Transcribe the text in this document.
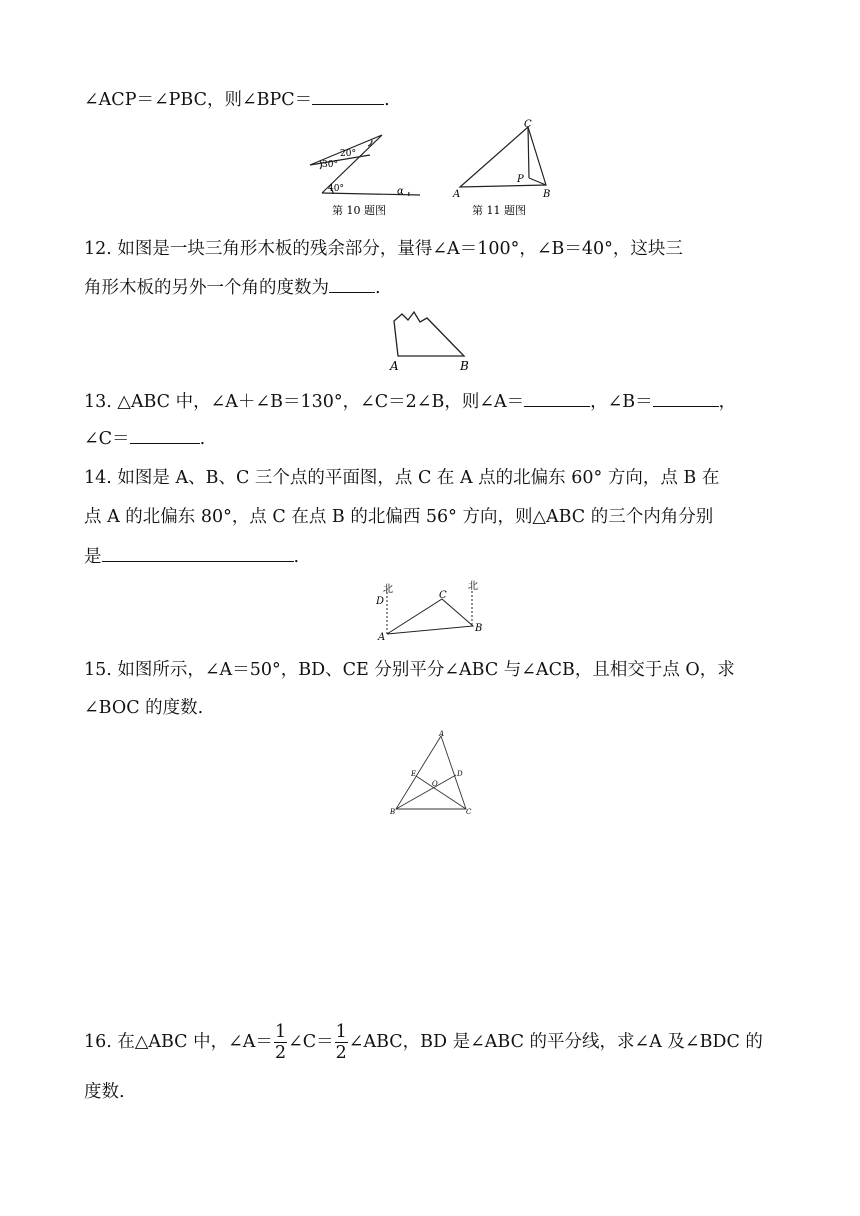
∠ACP＝∠PBC，则∠BPC＝	.
30°
20°
40°	α
第 10 题图
C
A	B
P
第 11 题图
12. 如图是一块三角形木板的残余部分，量得∠A＝100°，∠B＝40°，这块三
角形木板的另外一个角的度数为	.
A	B
13. △ABC 中，∠A＋∠B＝130°，∠C＝2∠B，则∠A＝	，∠B＝	，
∠C＝	.
14. 如图是 A、B、C 三个点的平面图，点 C 在 A 点的北偏东 60° 方向，点 B 在
点 A 的北偏东 80°，点 C 在点 B 的北偏西 56° 方向，则△ABC 的三个内角分别
是	.
北	北
D
A
B
C
15. 如图所示，∠A＝50°，BD、CE 分别平分∠ABC 与∠ACB，且相交于点 O，求
∠BOC 的度数.
A
B	C
D
E
O
16. 在△ABC 中，∠A＝ $\frac{1}{2}$ ∠C＝ $\frac{1}{2}$ ∠ABC，BD 是∠ABC 的平分线，求∠A 及∠BDC 的
度数.
